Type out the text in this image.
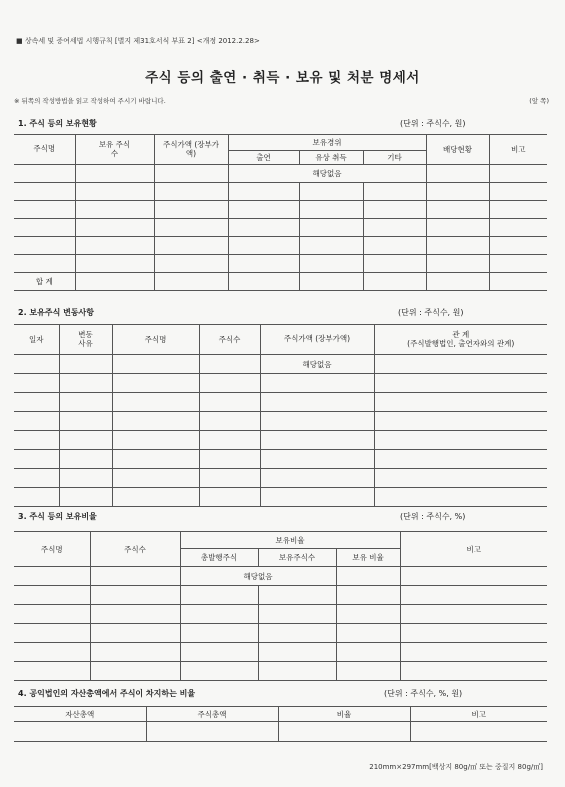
■ 상속세 및 증여세법 시행규칙 [별지 제31호서식 부표 2] <개정 2012.2.28>
주식 등의 출연 · 취득 · 보유 및 처분 명세서
※ 뒤쪽의 작성방법을 읽고 작성하여 주시기 바랍니다.	(앞 쪽)
1. 주식 등의 보유현황	(단위 : 주식수, 원)
주식명	보유 주식수	주식가액 (장부가액)	보유경위			배당현황	비고
			출연	유상 취득	기타		
			해당없음				

합 계							
2. 보유주식 변동사항	(단위 : 주식수, 원)
일자	변동 사유	주식명	주식수	주식가액 (장부가액)	관 계
(주식발행법인, 출연자와의 관계)

				해당없음	

3. 주식 등의 보유비율	(단위 : 주식수, %)
주식명	주식수	보유비율			비고
		총발행주식	보유주식수	보유 비율	
		해당없음			

4. 공익법인의 자산총액에서 주식이 차지하는 비율	(단위 : 주식수, %, 원)
자산총액	주식총액	비율	비고

210mm×297mm[백상지 80g/㎡ 또는 중질지 80g/㎡]
